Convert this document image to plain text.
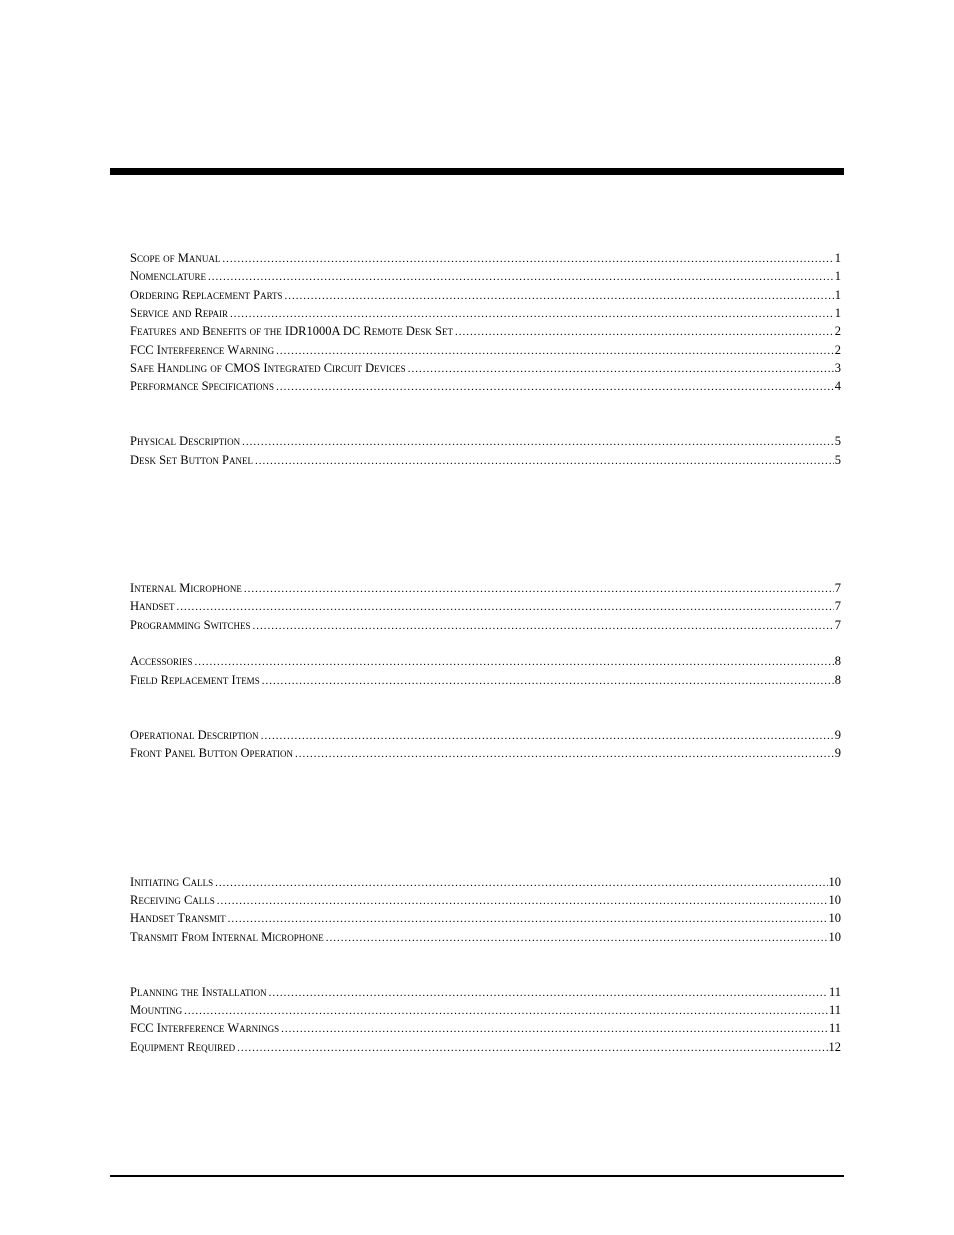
Scope of Manual .....	1
Nomenclature .....	1
Ordering Replacement Parts .....	1
Service and Repair .....	1
Features and Benefits of the IDR1000A DC Remote Desk Set .....	2
FCC Interference Warning .....	2
Safe Handling of CMOS Integrated Circuit Devices .....	3
Performance Specifications .....	4
Physical Description .....	5
Desk Set Button Panel .....	5
Internal Microphone .....	7
Handset .....	7
Programming Switches .....	7
Accessories .....	8
Field Replacement Items .....	8
Operational Description .....	9
Front Panel Button Operation .....	9
Initiating Calls .....	10
Receiving Calls .....	10
Handset Transmit .....	10
Transmit From Internal Microphone .....	10
Planning the Installation .....	11
Mounting .....	11
FCC Interference Warnings .....	11
Equipment Required .....	12
